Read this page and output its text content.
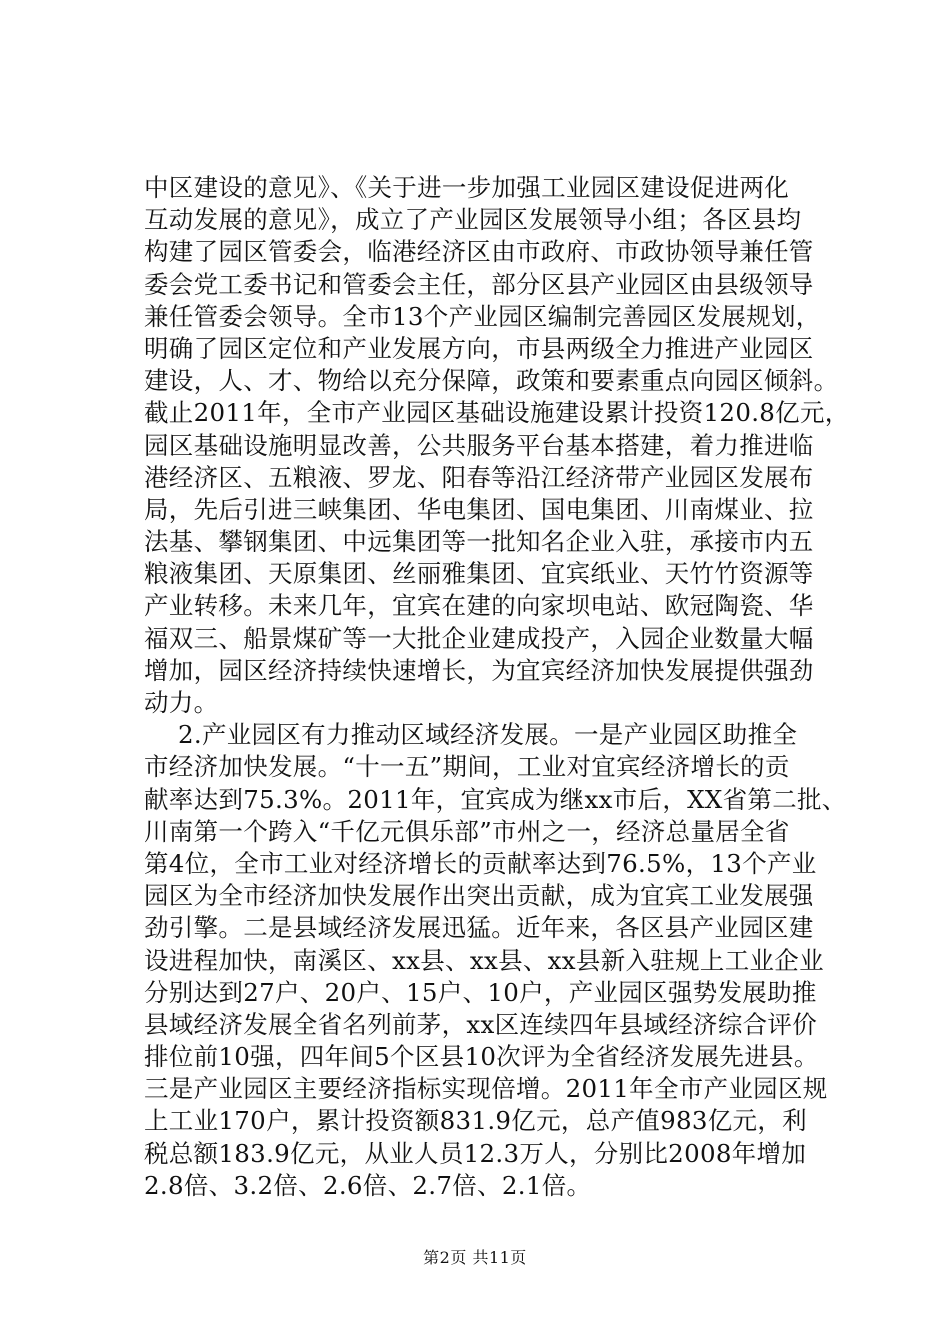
中区建设的意见》、《关于进一步加强工业园区建设促进两化
互动发展的意见》，成立了产业园区发展领导小组；各区县均
构建了园区管委会，临港经济区由市政府、市政协领导兼任管
委会党工委书记和管委会主任，部分区县产业园区由县级领导
兼任管委会领导。全市13个产业园区编制完善园区发展规划，
明确了园区定位和产业发展方向，市县两级全力推进产业园区
建设，人、才、物给以充分保障，政策和要素重点向园区倾斜。
截止2011年，全市产业园区基础设施建设累计投资120.8亿元，
园区基础设施明显改善，公共服务平台基本搭建，着力推进临
港经济区、五粮液、罗龙、阳春等沿江经济带产业园区发展布
局，先后引进三峡集团、华电集团、国电集团、川南煤业、拉
法基、攀钢集团、中远集团等一批知名企业入驻，承接市内五
粮液集团、天原集团、丝丽雅集团、宜宾纸业、天竹竹资源等
产业转移。未来几年，宜宾在建的向家坝电站、欧冠陶瓷、华
福双三、船景煤矿等一大批企业建成投产，入园企业数量大幅
增加，园区经济持续快速增长，为宜宾经济加快发展提供强劲
动力。
2.产业园区有力推动区域经济发展。一是产业园区助推全
市经济加快发展。“十一五”期间，工业对宜宾经济增长的贡
献率达到75.3%。2011年，宜宾成为继xx市后，XX省第二批、
川南第一个跨入“千亿元俱乐部”市州之一，经济总量居全省
第4位，全市工业对经济增长的贡献率达到76.5%，13个产业
园区为全市经济加快发展作出突出贡献，成为宜宾工业发展强
劲引擎。二是县域经济发展迅猛。近年来，各区县产业园区建
设进程加快，南溪区、xx县、xx县、xx县新入驻规上工业企业
分别达到27户、20户、15户、10户，产业园区强势发展助推
县域经济发展全省名列前茅，xx区连续四年县域经济综合评价
排位前10强，四年间5个区县10次评为全省经济发展先进县。
三是产业园区主要经济指标实现倍增。2011年全市产业园区规
上工业170户，累计投资额831.9亿元，总产值983亿元，利
税总额183.9亿元，从业人员12.3万人，分别比2008年增加
2.8倍、3.2倍、2.6倍、2.7倍、2.1倍。
第2页 共11页
